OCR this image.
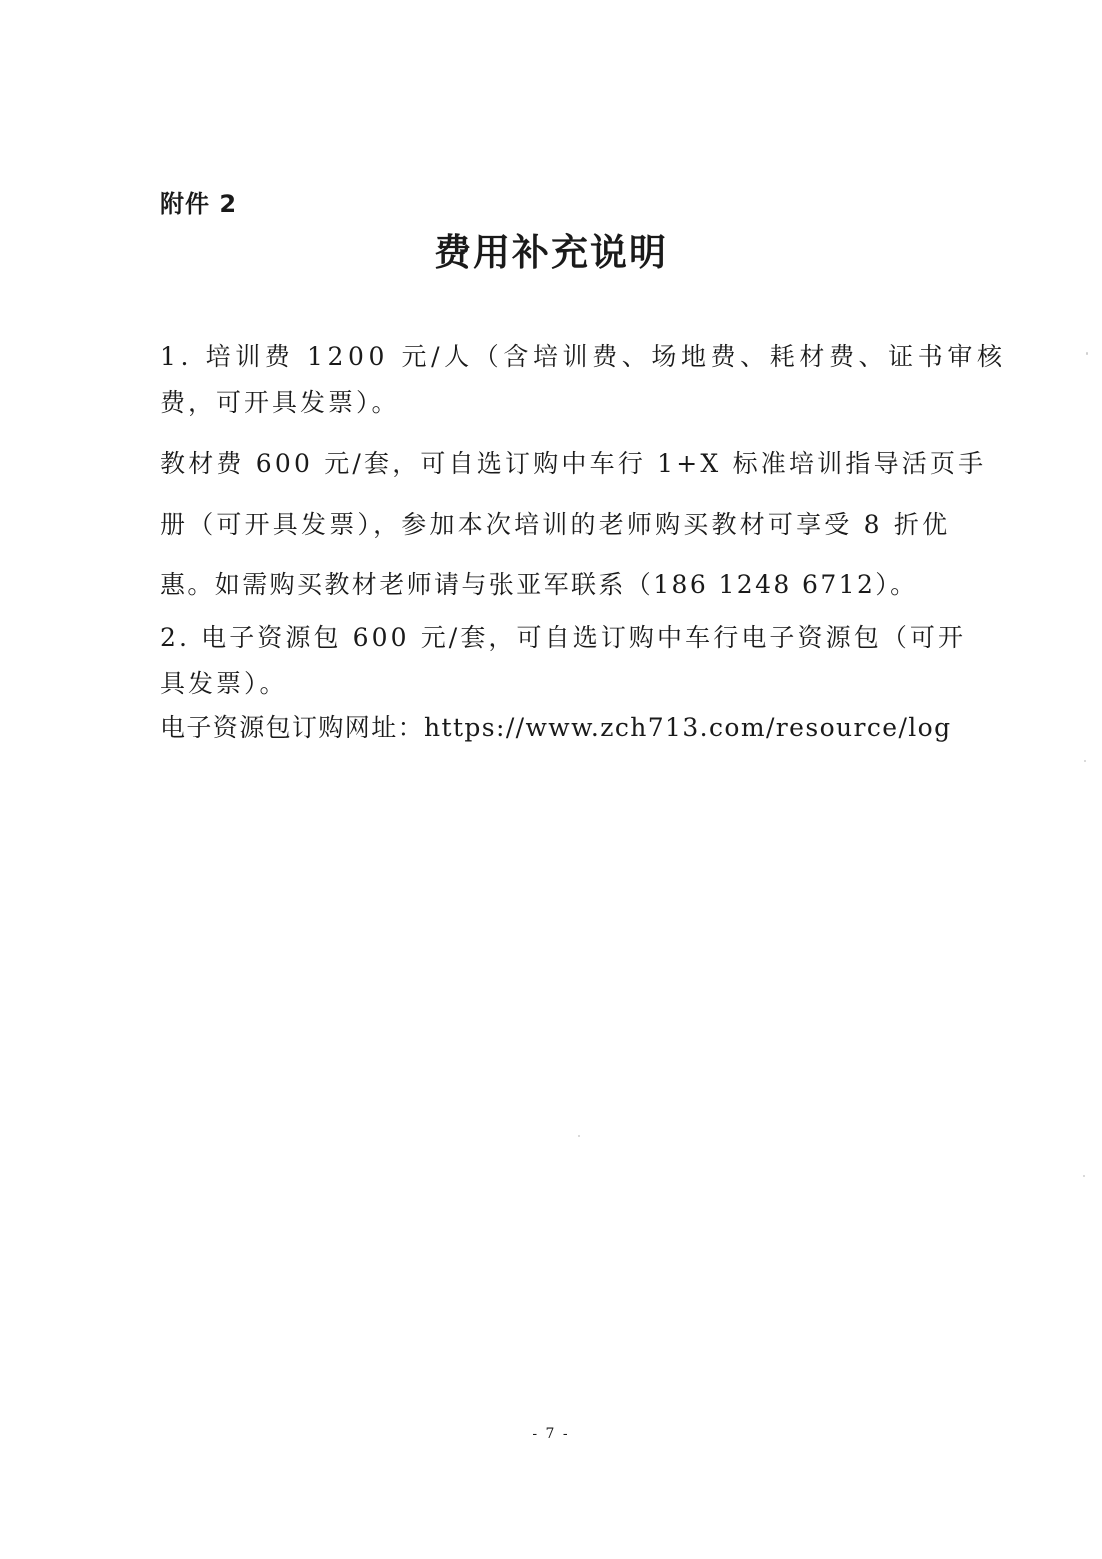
附件 2
费用补充说明
1. 培训费 1200 元/人（含培训费、场地费、耗材费、证书审核
费，可开具发票）。
教材费 600 元/套，可自选订购中车行 1+X 标准培训指导活页手
册（可开具发票），参加本次培训的老师购买教材可享受 8 折优
惠。如需购买教材老师请与张亚军联系（186 1248 6712）。
2. 电子资源包 600 元/套，可自选订购中车行电子资源包（可开
具发票）。
电子资源包订购网址：https://www.zch713.com/resource/log
- 7 -
